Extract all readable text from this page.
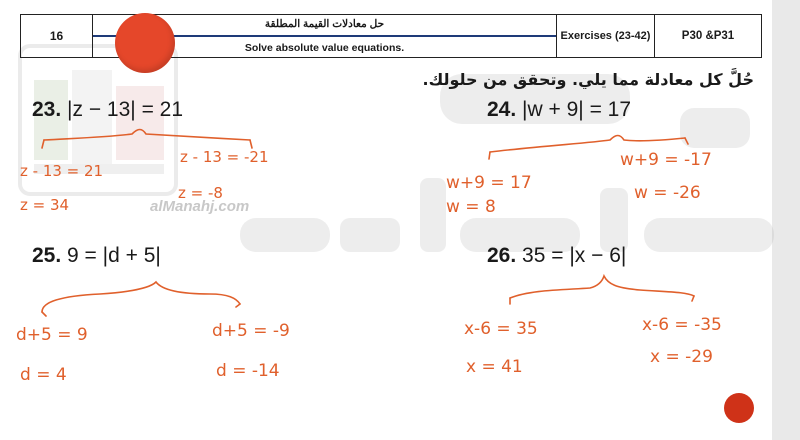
alManahj.com
16
حل معادلات القيمة المطلقة
Solve absolute value equations.
Exercises (23-42)	P30 &P31
حُلَّ كل معادلة مما يلي. وتحقق من حلولك.
23. |z − 13| = 21	24. |w + 9| = 17
25. 9 = |d + 5|	26. 35 = |x − 6|
z - 13 = 21
z = 34
z - 13 = -21
z = -8	w+9 = 17
w = 8
w+9 = -17
w = -26
d+5 = 9
d = 4
d+5 = -9
d = -14
x-6 = 35
x = 41
x-6 = -35
x = -29
